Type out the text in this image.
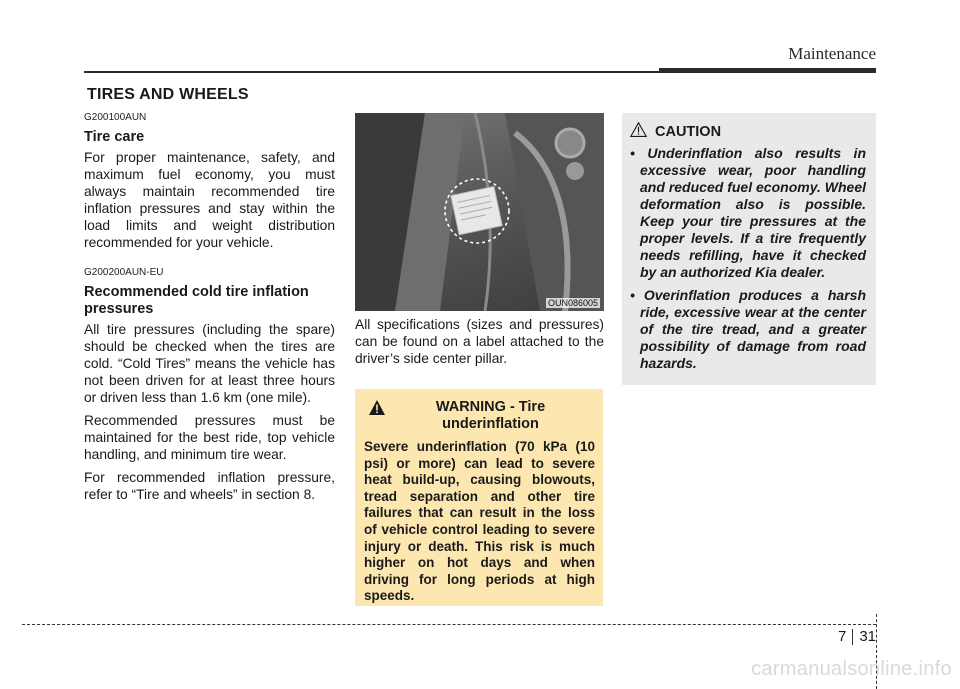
Maintenance
TIRES AND WHEELS

G200100AUN

Tire care

For proper maintenance, safety, and maximum fuel economy, you must always maintain recommended tire inflation pressures and stay within the load limits and weight distribution recommended for your vehicle.

G200200AUN-EU

Recommended cold tire inflation pressures

All tire pressures (including the spare) should be checked when the tires are cold. “Cold Tires” means the vehicle has not been driven for at least three hours or driven less than 1.6 km (one mile).

Recommended pressures must be maintained for the best ride, top vehicle handling, and minimum tire wear.

For recommended inflation pressure, refer to “Tire and wheels” in section 8.

OUN086005

All specifications (sizes and pressures) can be found on a label attached to the driver’s side center pillar.

WARNING - Tire underinflation
Severe underinflation (70 kPa (10 psi) or more) can lead to severe heat build-up, causing blowouts, tread separation and other tire failures that can result in the loss of vehicle control leading to severe injury or death. This risk is much higher on hot days and when driving for long periods at high speeds.
CAUTION
• Underinflation also results in excessive wear, poor handling and reduced fuel economy. Wheel deformation also is possible. Keep your tire pressures at the proper levels. If a tire frequently needs refilling, have it checked by an authorized Kia dealer.
• Overinflation produces a harsh ride, excessive wear at the center of the tire tread, and a greater possibility of damage from road hazards.
7 31
carmanualsonline.info
